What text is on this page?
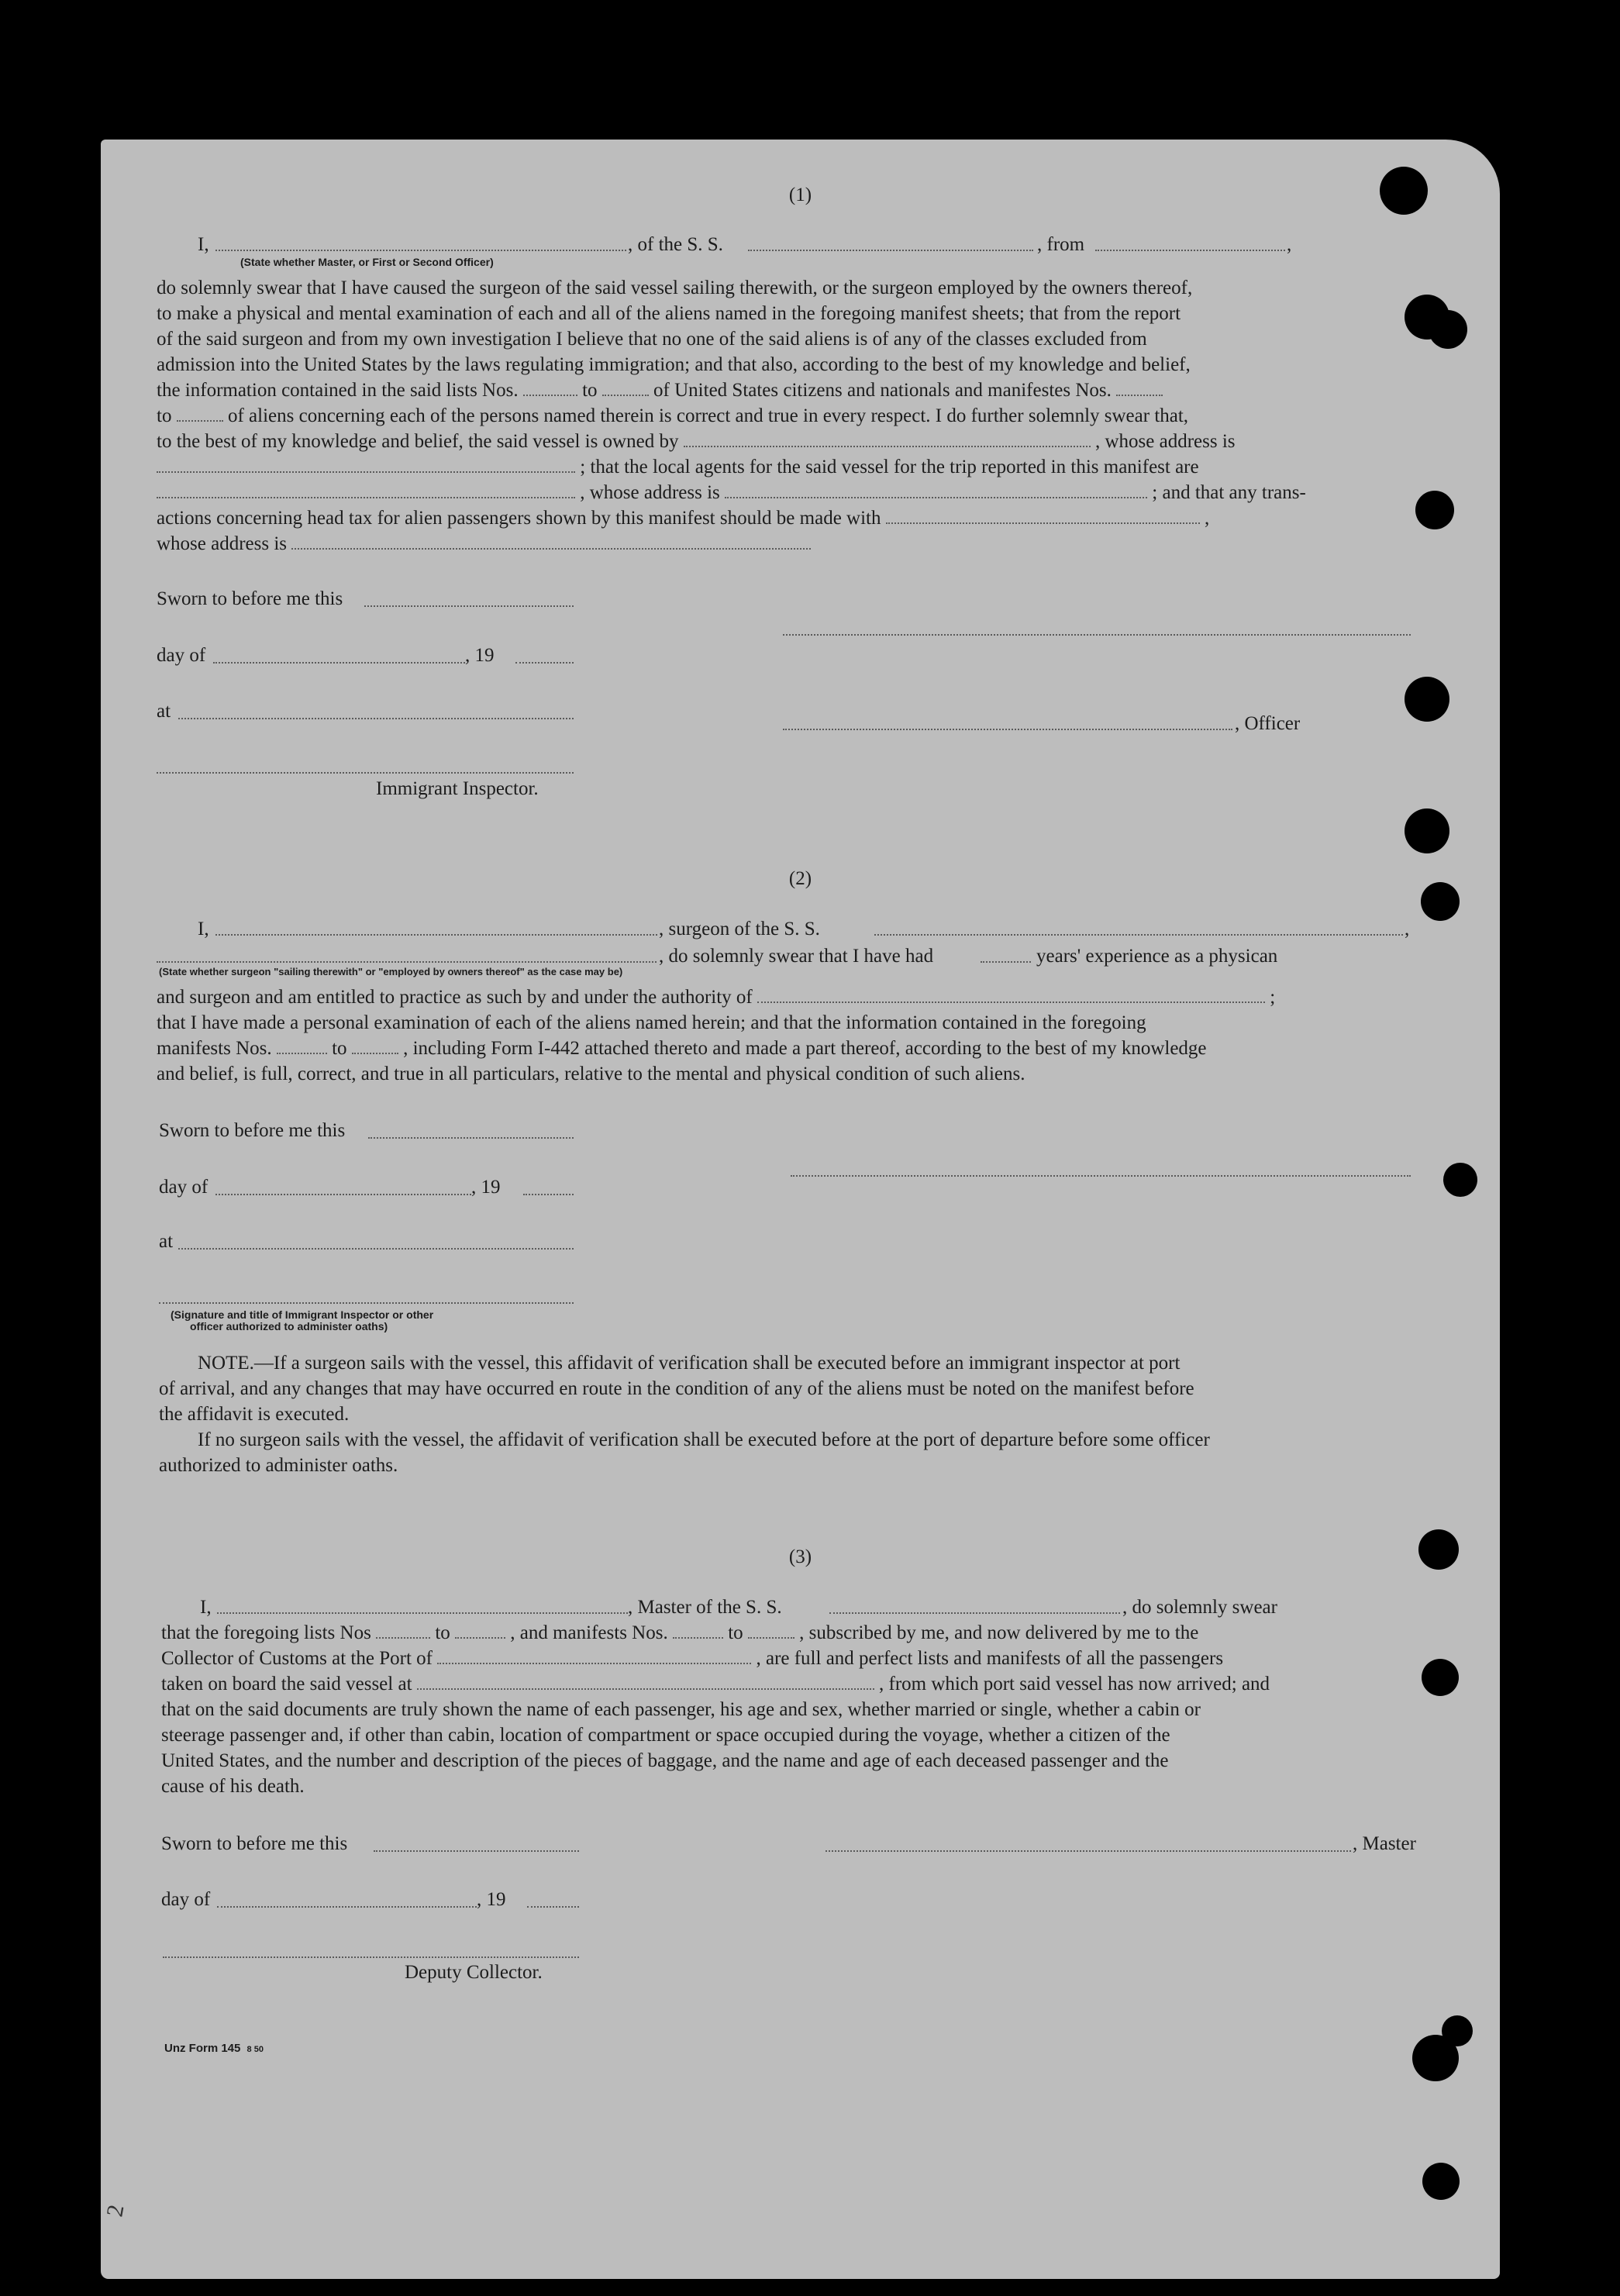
(1)
I,	, of the S. S.	, from	,
(State whether Master, or First or Second Officer)
do solemnly swear that I have caused the surgeon of the said vessel sailing therewith, or the surgeon employed by the owners thereof,
to make a physical and mental examination of each and all of the aliens named in the foregoing manifest sheets; that from the report
of the said surgeon and from my own investigation I believe that no one of the said aliens is of any of the classes excluded from
admission into the United States by the laws regulating immigration; and that also, according to the best of my knowledge and belief,
the information contained in the said lists Nos.	to	of United States citizens and nationals and manifestes Nos.
to	of aliens concerning each of the persons named therein is correct and true in every respect. I do further solemnly swear that,
to the best of my knowledge and belief, the said vessel is owned by	, whose address is
; that the local agents for the said vessel for the trip reported in this manifest are
, whose address is	; and that any trans-
actions concerning head tax for alien passengers shown by this manifest should be made with	,
whose address is
Sworn to before me this
day of	, 19
at
, Officer
Immigrant Inspector.
(2)
I,	, surgeon of the S. S.	,
, do solemnly swear that I have had	years' experience as a physican
(State whether surgeon "sailing therewith" or "employed by owners thereof" as the case may be)
and surgeon and am entitled to practice as such by and under the authority of	;
that I have made a personal examination of each of the aliens named herein; and that the information contained in the foregoing
manifests Nos.	to	, including Form I-442 attached thereto and made a part thereof, according to the best of my knowledge
and belief, is full, correct, and true in all particulars, relative to the mental and physical condition of such aliens.
Sworn to before me this
day of	, 19
at
(Signature and title of Immigrant Inspector or other
officer authorized to administer oaths)
NOTE.—If a surgeon sails with the vessel, this affidavit of verification shall be executed before an immigrant inspector at port
of arrival, and any changes that may have occurred en route in the condition of any of the aliens must be noted on the manifest before
the affidavit is executed.
If no surgeon sails with the vessel, the affidavit of verification shall be executed before at the port of departure before some officer
authorized to administer oaths.
(3)
I,	, Master of the S. S.	, do solemnly swear
that the foregoing lists Nos	to	, and manifests Nos.	to	, subscribed by me, and now delivered by me to the
Collector of Customs at the Port of	, are full and perfect lists and manifests of all the passengers
taken on board the said vessel at	, from which port said vessel has now arrived; and
that on the said documents are truly shown the name of each passenger, his age and sex, whether married or single, whether a cabin or
steerage passenger and, if other than cabin, location of compartment or space occupied during the voyage, whether a citizen of the
United States, and the number and description of the pieces of baggage, and the name and age of each deceased passenger and the
cause of his death.
Sworn to before me this	, Master
day of	, 19
Deputy Collector.
Unz Form 145 8 50
2
